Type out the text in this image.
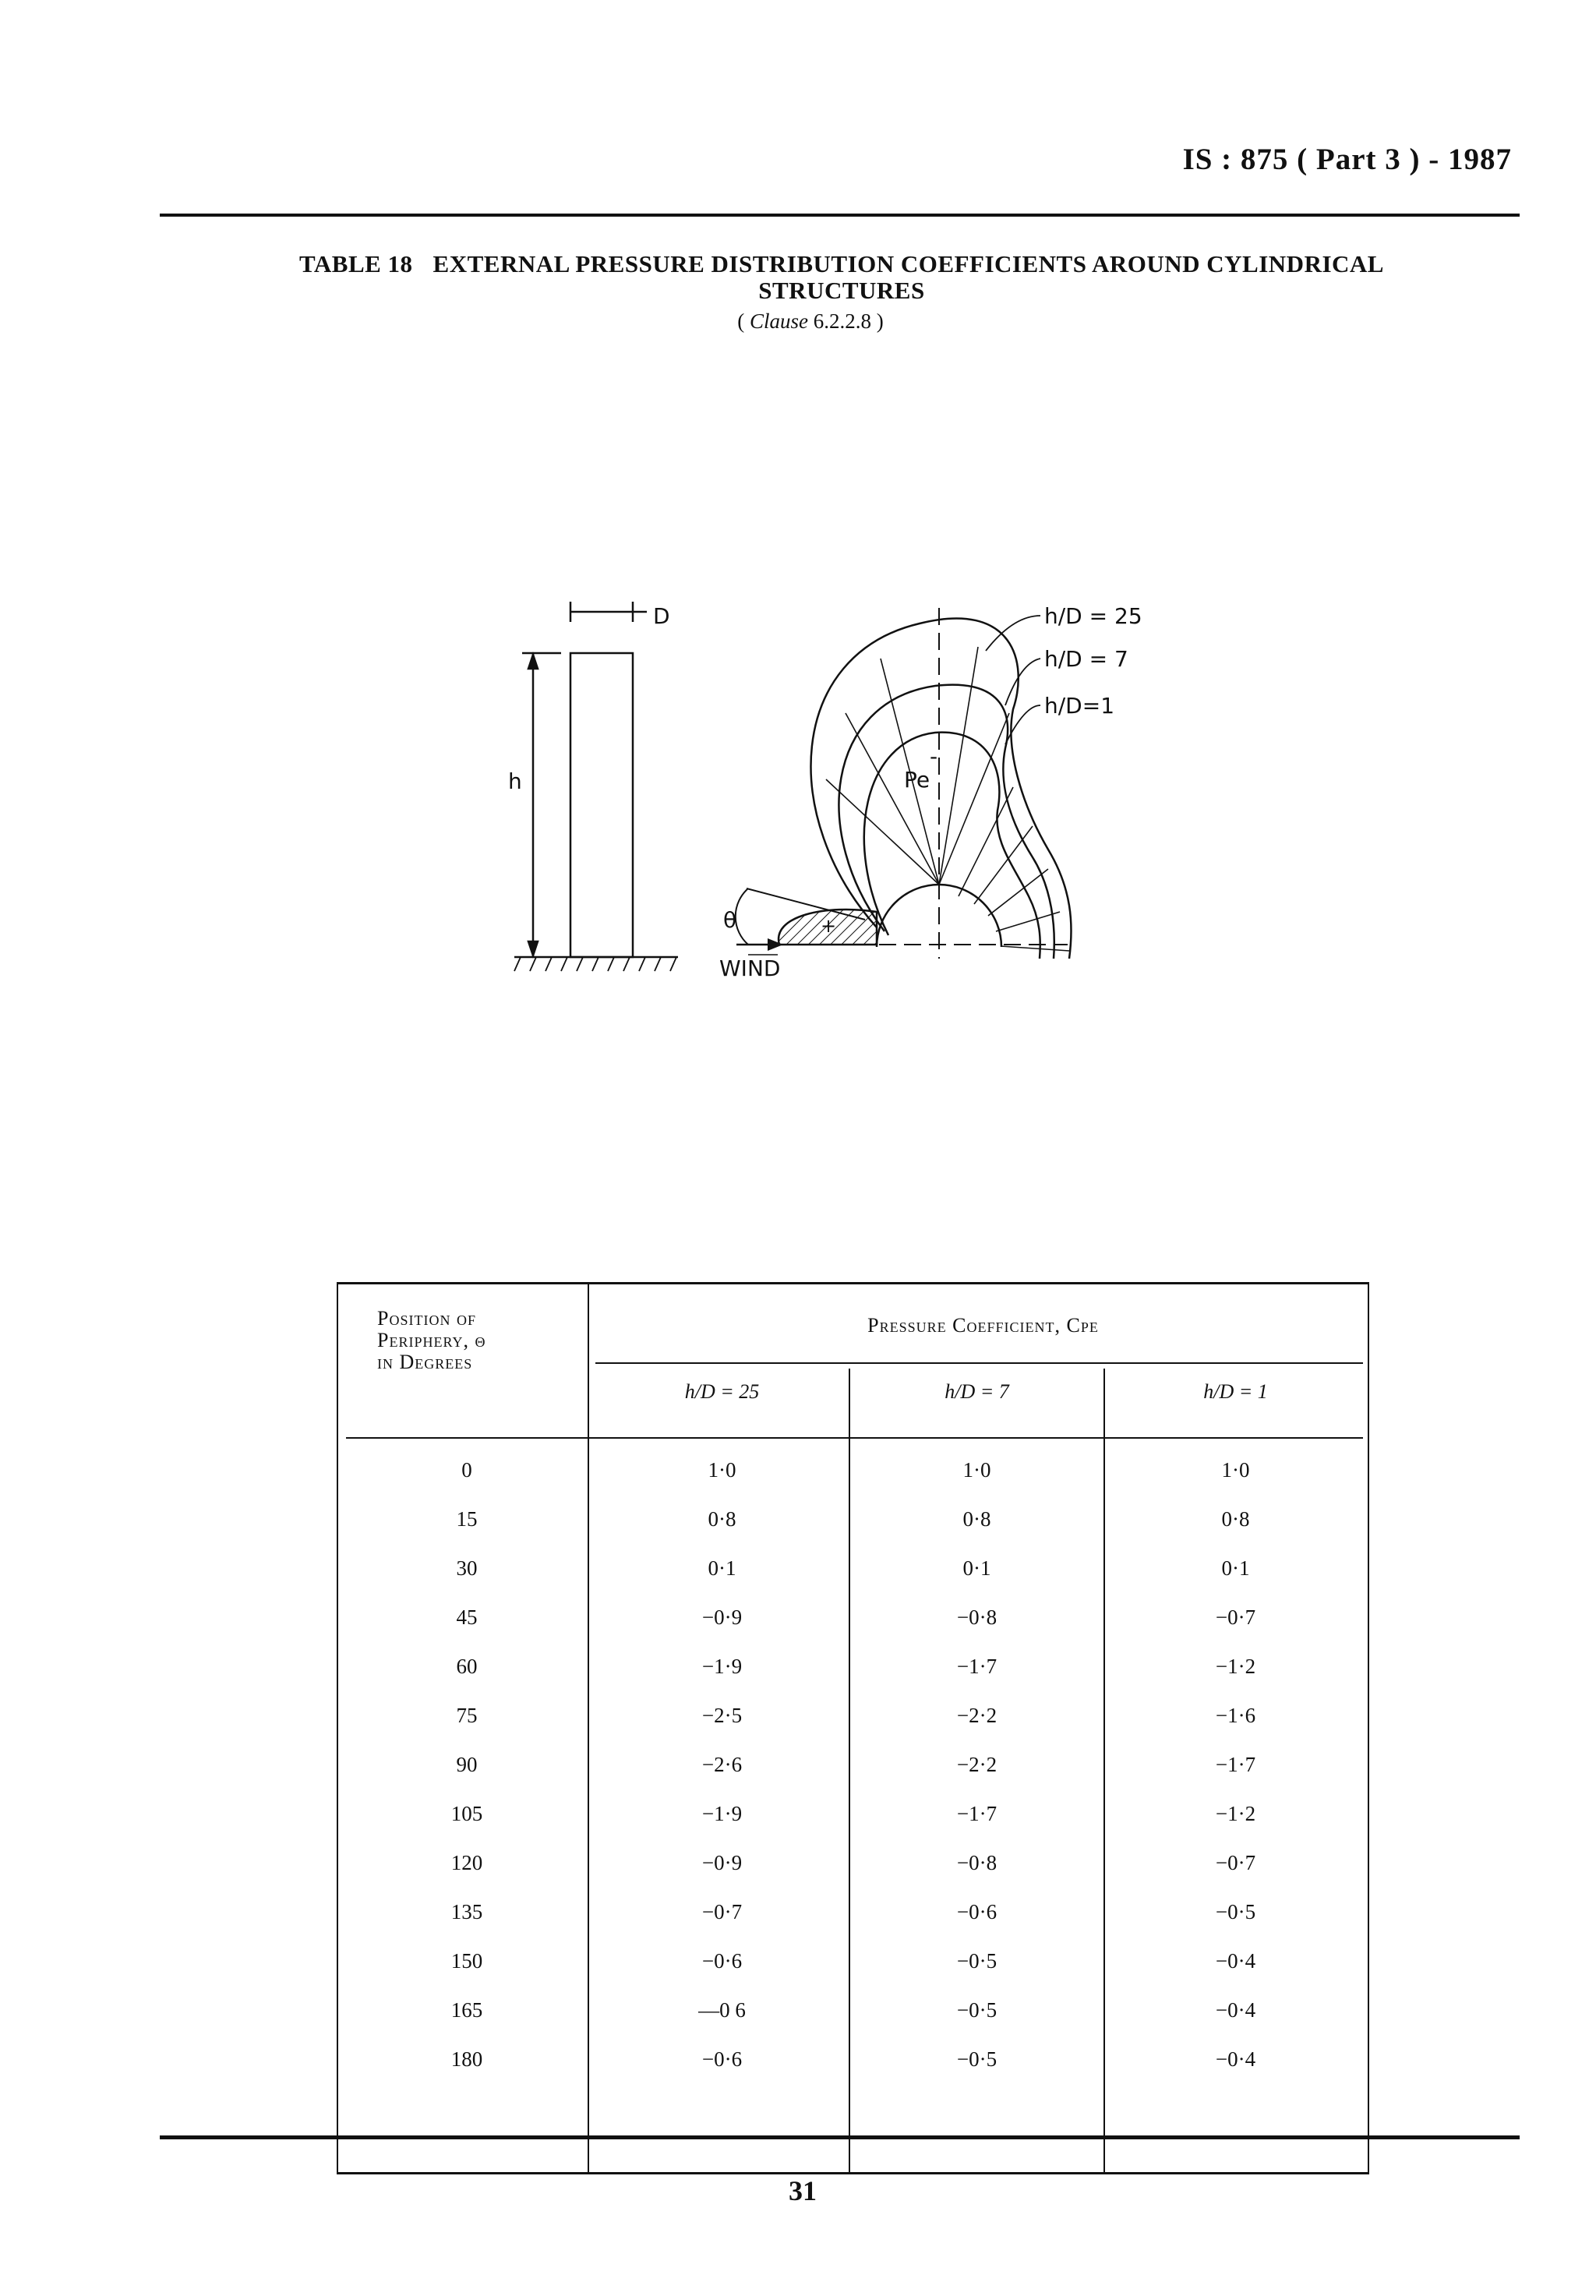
IS : 875 ( Part 3 ) - 1987
TABLE 18 EXTERNAL PRESSURE DISTRIBUTION COEFFICIENTS AROUND CYLINDRICAL
STRUCTURES
( Clause 6.2.2.8 )
D
h
h/D = 25
h/D = 7
h/D=1
Pe
-
+
θ
WIND
Position of
Periphery, θ
in Degrees
Pressure Coefficient, Cpe
h/D = 25	h/D = 7	h/D = 1
0	1·0	1·0	1·0
15	0·8	0·8	0·8
30	0·1	0·1	0·1
45	−0·9	−0·8	−0·7
60	−1·9	−1·7	−1·2
75	−2·5	−2·2	−1·6
90	−2·6	−2·2	−1·7
105	−1·9	−1·7	−1·2
120	−0·9	−0·8	−0·7
135	−0·7	−0·6	−0·5
150	−0·6	−0·5	−0·4
165	—0 6	−0·5	−0·4
180	−0·6	−0·5	−0·4
31
